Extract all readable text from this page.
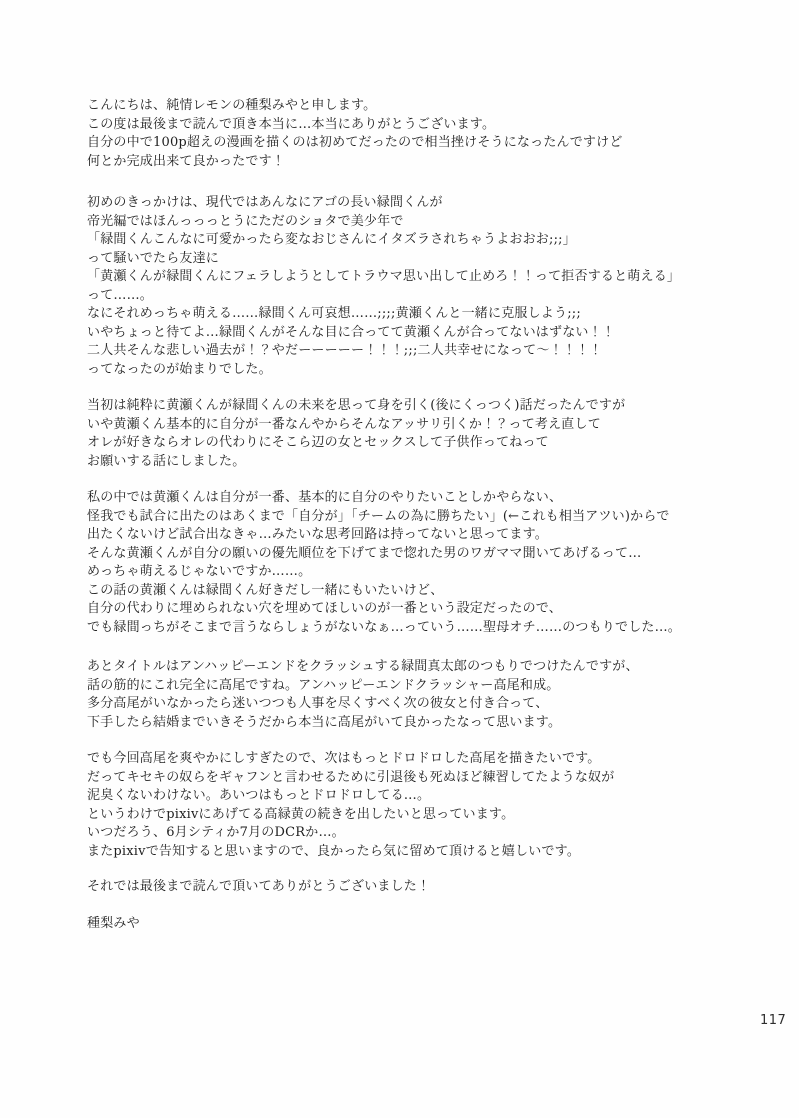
こんにちは、純情レモンの種梨みやと申します。
この度は最後まで読んで頂き本当に…本当にありがとうございます。
自分の中で100p超えの漫画を描くのは初めてだったので相当挫けそうになったんですけど
何とか完成出来て良かったです！
初めのきっかけは、現代ではあんなにアゴの長い緑間くんが
帝光編ではほんっっっとうにただのショタで美少年で
「緑間くんこんなに可愛かったら変なおじさんにイタズラされちゃうよおおお;;;」
って騒いでたら友達に
「黄瀬くんが緑間くんにフェラしようとしてトラウマ思い出して止めろ！！って拒否すると萌える」
って……。
なにそれめっちゃ萌える……緑間くん可哀想……;;;;黄瀬くんと一緒に克服しよう;;;
いやちょっと待てよ…緑間くんがそんな目に合ってて黄瀬くんが合ってないはずない！！
二人共そんな悲しい過去が！？やだーーーーー！！！;;;二人共幸せになって〜！！！！
ってなったのが始まりでした。
当初は純粋に黄瀬くんが緑間くんの未来を思って身を引く(後にくっつく)話だったんですが
いや黄瀬くん基本的に自分が一番なんやからそんなアッサリ引くか！？って考え直して
オレが好きならオレの代わりにそこら辺の女とセックスして子供作ってねって
お願いする話にしました。
私の中では黄瀬くんは自分が一番、基本的に自分のやりたいことしかやらない、
怪我でも試合に出たのはあくまで「自分が」「チームの為に勝ちたい」(←これも相当アツい)からで
出たくないけど試合出なきゃ…みたいな思考回路は持ってないと思ってます。
そんな黄瀬くんが自分の願いの優先順位を下げてまで惚れた男のワガママ聞いてあげるって…
めっちゃ萌えるじゃないですか……。
この話の黄瀬くんは緑間くん好きだし一緒にもいたいけど、
自分の代わりに埋められない穴を埋めてほしいのが一番という設定だったので、
でも緑間っちがそこまで言うならしょうがないなぁ…っていう……聖母オチ……のつもりでした…。
あとタイトルはアンハッピーエンドをクラッシュする緑間真太郎のつもりでつけたんですが、
話の筋的にこれ完全に高尾ですね。アンハッピーエンドクラッシャー高尾和成。
多分高尾がいなかったら迷いつつも人事を尽くすべく次の彼女と付き合って、
下手したら結婚までいきそうだから本当に高尾がいて良かったなって思います。
でも今回高尾を爽やかにしすぎたので、次はもっとドロドロした高尾を描きたいです。
だってキセキの奴らをギャフンと言わせるために引退後も死ぬほど練習してたような奴が
泥臭くないわけない。あいつはもっとドロドロしてる…。
というわけでpixivにあげてる高緑黄の続きを出したいと思っています。
いつだろう、6月シティか7月のDCRか…。
またpixivで告知すると思いますので、良かったら気に留めて頂けると嬉しいです。
それでは最後まで読んで頂いてありがとうございました！
種梨みや
117
